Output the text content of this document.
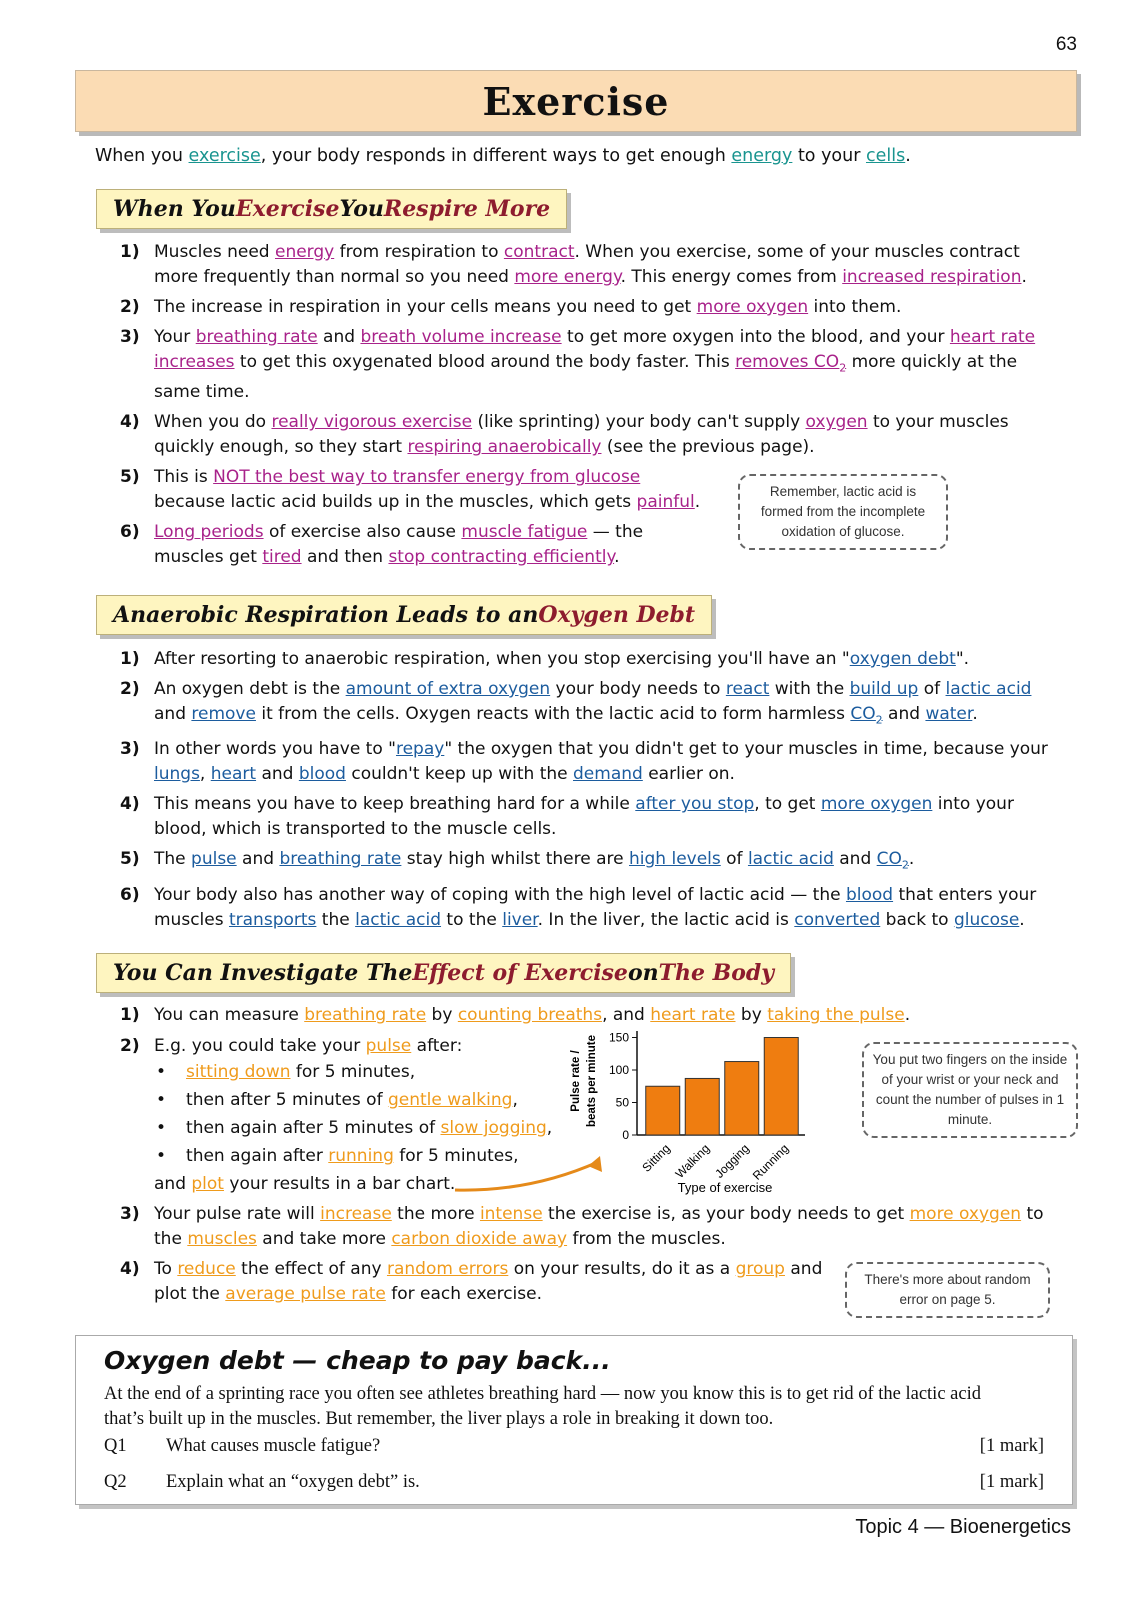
63
Exercise
When you exercise, your body responds in different ways to get enough energy to your cells.
When You Exercise You Respire More
1) Muscles need energy from respiration to contract. When you exercise, some of your muscles contract more frequently than normal so you need more energy. This energy comes from increased respiration.
2) The increase in respiration in your cells means you need to get more oxygen into them.
3) Your breathing rate and breath volume increase to get more oxygen into the blood, and your heart rate increases to get this oxygenated blood around the body faster. This removes $CO_2$ more quickly at the same time.
4) When you do really vigorous exercise (like sprinting) your body can't supply oxygen to your muscles quickly enough, so they start respiring anaerobically (see the previous page).
5) This is NOT the best way to transfer energy from glucose because lactic acid builds up in the muscles, which gets painful.
6) Long periods of exercise also cause muscle fatigue — the muscles get tired and then stop contracting efficiently.
Remember, lactic acid is formed from the incomplete oxidation of glucose.
Anaerobic Respiration Leads to an Oxygen Debt
1) After resorting to anaerobic respiration, when you stop exercising you'll have an "oxygen debt".
2) An oxygen debt is the amount of extra oxygen your body needs to react with the build up of lactic acid and remove it from the cells. Oxygen reacts with the lactic acid to form harmless $CO_2$ and water.
3) In other words you have to "repay" the oxygen that you didn't get to your muscles in time, because your lungs, heart and blood couldn't keep up with the demand earlier on.
4) This means you have to keep breathing hard for a while after you stop, to get more oxygen into your blood, which is transported to the muscle cells.
5) The pulse and breathing rate stay high whilst there are high levels of lactic acid and $CO_2$.
6) Your body also has another way of coping with the high level of lactic acid — the blood that enters your muscles transports the lactic acid to the liver. In the liver, the lactic acid is converted back to glucose.
You Can Investigate The Effect of Exercise on The Body
1) You can measure breathing rate by counting breaths, and heart rate by taking the pulse.
2) E.g. you could take your pulse after:
• sitting down for 5 minutes,
• then after 5 minutes of gentle walking,
• then again after 5 minutes of slow jogging,
• then again after running for 5 minutes,
and plot your results in a bar chart.
3) Your pulse rate will increase the more intense the exercise is, as your body needs to get more oxygen to the muscles and take more carbon dioxide away from the muscles.
4) To reduce the effect of any random errors on your results, do it as a group and plot the average pulse rate for each exercise.
Pulse rate / beats per minute
0
50
100
150
Sitting Walking Jogging
Running
Type of exercise
You put two fingers on the inside of your wrist or your neck and count the number of pulses in 1 minute.
There's more about random error on page 5.
Oxygen debt — cheap to pay back...
At the end of a sprinting race you often see athletes breathing hard — now you know this is to get rid of the lactic acid that’s built up in the muscles. But remember, the liver plays a role in breaking it down too.
Q1 What causes muscle fatigue?	[1 mark]
Q2 Explain what an “oxygen debt” is.	[1 mark]
Topic 4 — Bioenergetics
